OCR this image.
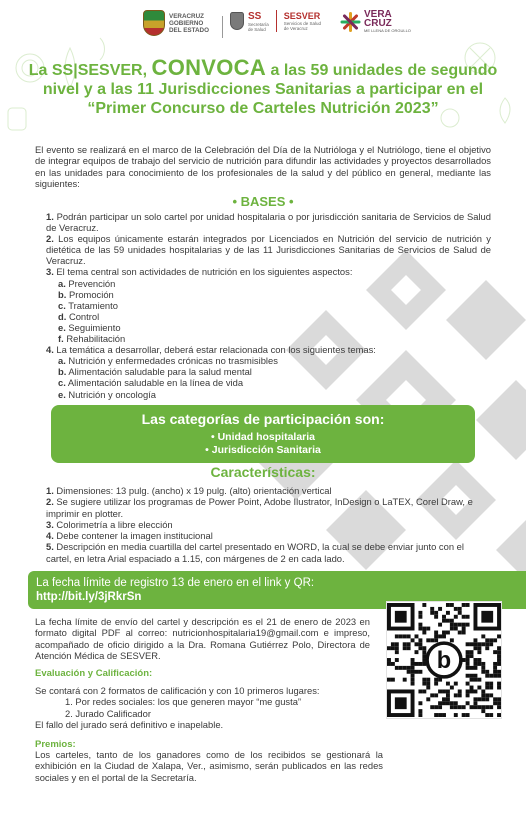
VERACRUZ
GOBIERNO
DEL ESTADO
SS
Secretaría
de Salud
SESVER
Servicios de Salud
de Veracruz
VERA
CRUZ
ME LLENA DE ORGULLO
La SS|SESVER, CONVOCA a las 59 unidades de segundo nivel y a las 11 Jurisdicciones Sanitarias a participar en el “Primer Concurso de Carteles Nutrición 2023”

El evento se realizará en el marco de la Celebración del Día de la Nutrióloga y el Nutriólogo, tiene el objetivo de integrar equipos de trabajo del servicio de nutrición para difundir las actividades y proyectos desarrollados en las unidades para conocimiento de los profesionales de la salud y del público en general, mediante las siguientes:

• BASES •
1. Podrán participar un solo cartel por unidad hospitalaria o por jurisdicción sanitaria de Servicios de Salud de Veracruz.
2. Los equipos únicamente estarán integrados por Licenciados en Nutrición del servicio de nutrición y dietética de las 59 unidades hospitalarias y de las 11 Jurisdicciones Sanitarias de Servicios de Salud de Veracruz.
3. El tema central son actividades de nutrición en los siguientes aspectos:
a. Prevención
b. Promoción
c. Tratamiento
d. Control
e. Seguimiento
f. Rehabilitación
4. La temática a desarrollar, deberá estar relacionada con los siguientes temas:
a. Nutrición y enfermedades crónicas no trasmisibles
b. Alimentación saludable para la salud mental
c. Alimentación saludable en la línea de vida
e. Nutrición y oncología
Las categorías de participación son:
• Unidad hospitalaria
• Jurisdicción Sanitaria
Características:
1. Dimensiones: 13 pulg. (ancho) x 19 pulg. (alto) orientación vertical
2. Se sugiere utilizar los programas de Power Point, Adobe Ilustrator, InDesign o LaTEX, Corel Draw, e imprimir en plotter.
3. Colorimetría a libre elección
4. Debe contener la imagen institucional
5. Descripción en media cuartilla del cartel presentado en WORD, la cual se debe enviar junto con el cartel, en letra Arial espaciado a 1.15, con márgenes de 2 en cada lado.
La fecha límite de registro 13 de enero en el link y QR:
http://bit.ly/3jRkrSn

La fecha límite de envío del cartel y descripción es el 21 de enero de 2023 en formato digital PDF al correo: nutricionhospitalaria19@gmail.com e impreso, acompañado de oficio dirigido a la Dra. Romana Gutiérrez Polo, Directora de Atención Médica de SESVER.

Evaluación y Calificación:
Se contará con 2 formatos de calificación y con 10 primeros lugares:
1. Por redes sociales: los que generen mayor “me gusta”
2. Jurado Calificador
El fallo del jurado será definitivo e inapelable.
Premios:

Los carteles, tanto de los ganadores como de los recibidos se gestionará la exhibición en la Ciudad de Xalapa, Ver., asimismo, serán publicados en las redes sociales y en el portal de la Secretaría.

b
